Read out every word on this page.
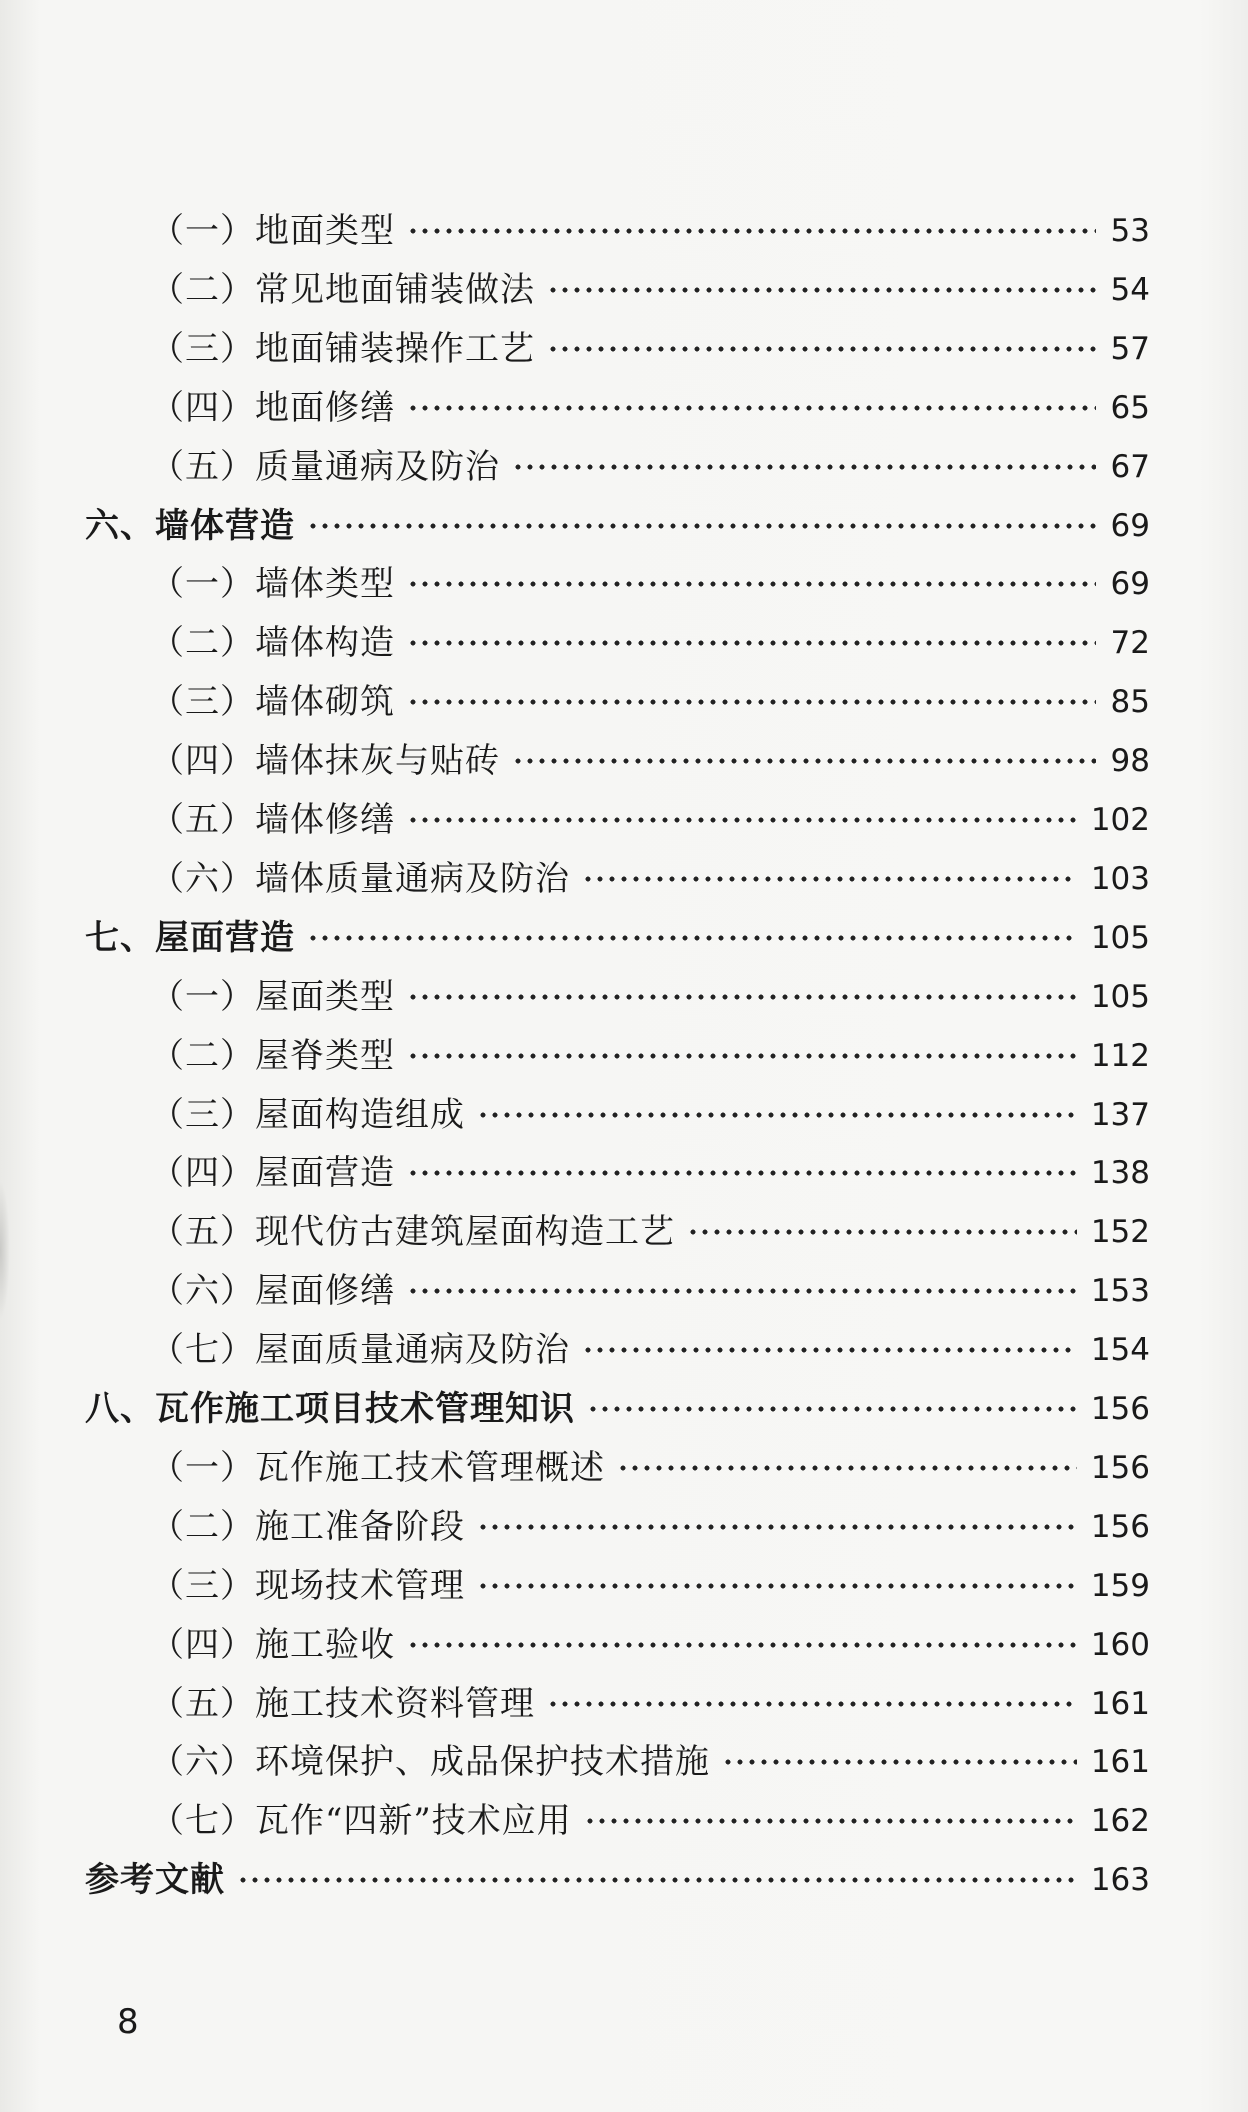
（一）地面类型	53
（二）常见地面铺装做法	54
（三）地面铺装操作工艺	57
（四）地面修缮	65
（五）质量通病及防治	67
六、墙体营造	69
（一）墙体类型	69
（二）墙体构造	72
（三）墙体砌筑	85
（四）墙体抹灰与贴砖	98
（五）墙体修缮	102
（六）墙体质量通病及防治	103
七、屋面营造	105
（一）屋面类型	105
（二）屋脊类型	112
（三）屋面构造组成	137
（四）屋面营造	138
（五）现代仿古建筑屋面构造工艺	152
（六）屋面修缮	153
（七）屋面质量通病及防治	154
八、瓦作施工项目技术管理知识	156
（一）瓦作施工技术管理概述	156
（二）施工准备阶段	156
（三）现场技术管理	159
（四）施工验收	160
（五）施工技术资料管理	161
（六）环境保护、成品保护技术措施	161
（七）瓦作“四新”技术应用	162
参考文献	163
8
